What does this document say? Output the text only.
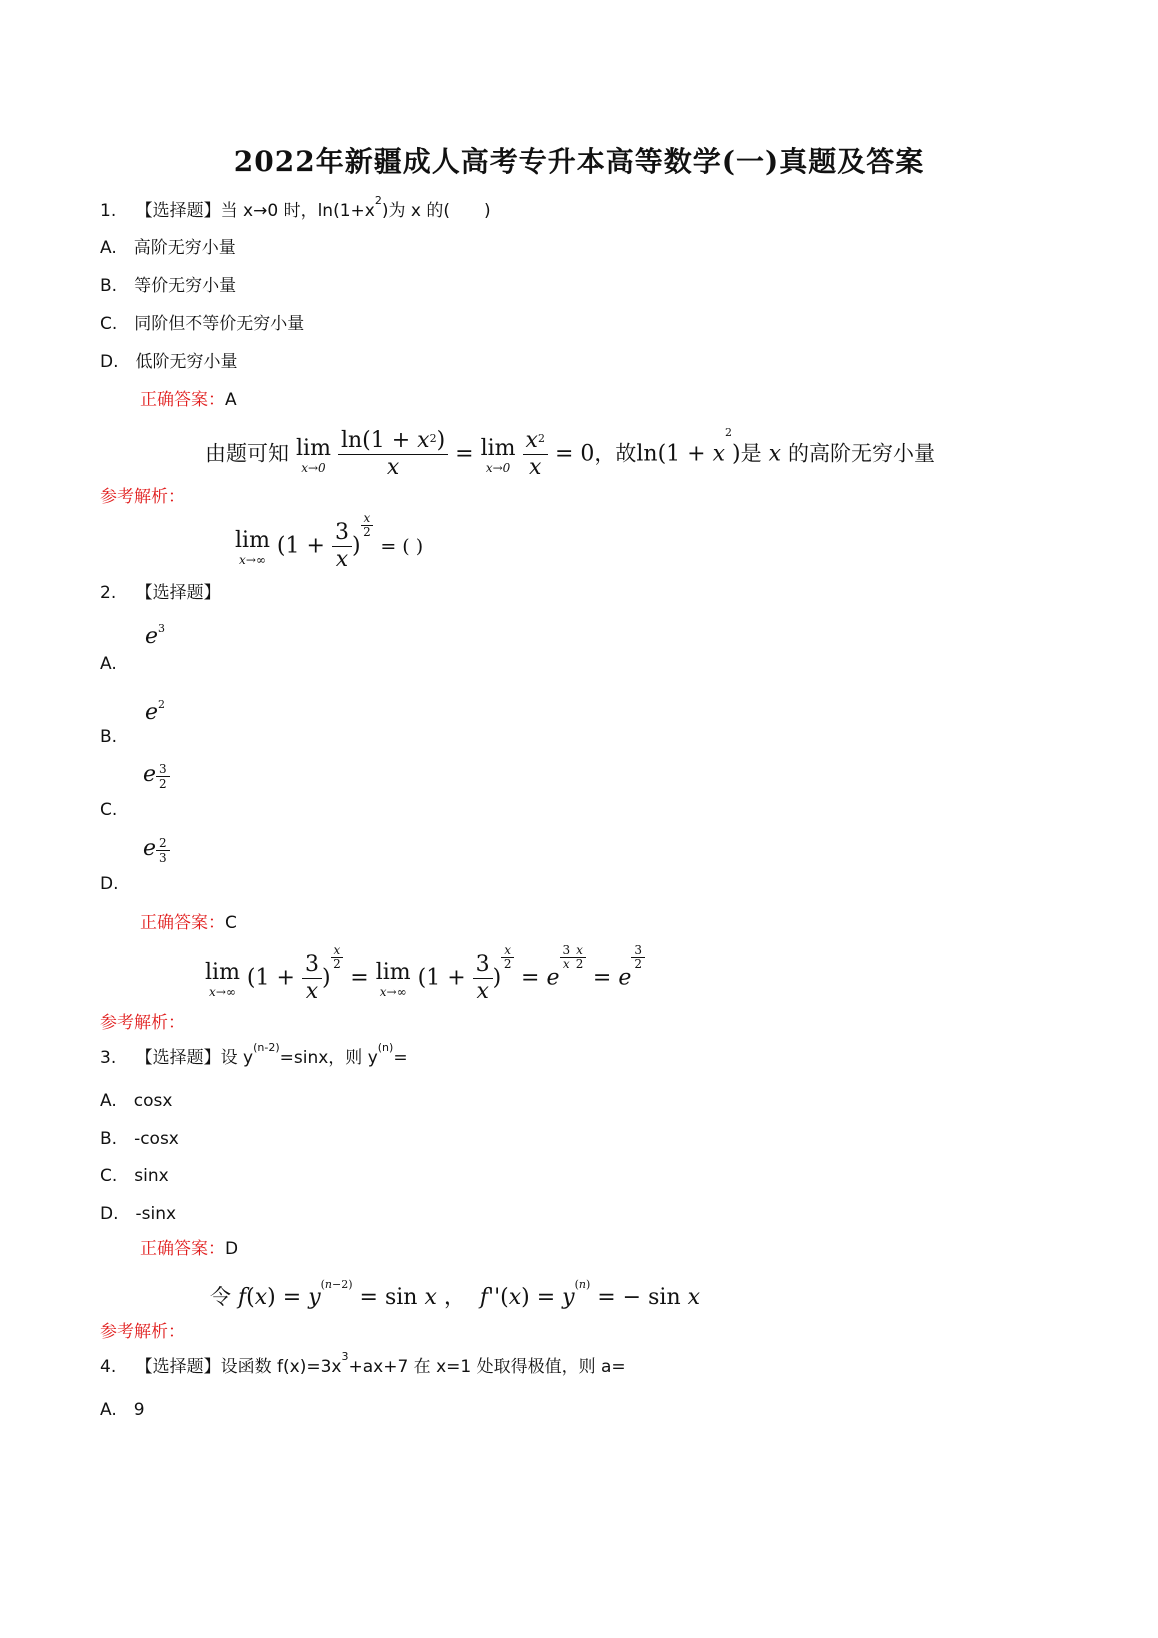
2022年新疆成人高考专升本高等数学(一)真题及答案
1. 【选择题】当 x→0 时，$\ln(1+x^2)$为 x 的(　　)
A.　高阶无穷小量
B.　等价无穷小量
C.　同阶但不等价无穷小量
D.　低阶无穷小量
正确答案：A
由题可知 lim
x→0
$\frac{\ln(1 + x^2)}{x} = \lim$
x→0
$\frac{x^2}{x} = 0$，故$\ln(1 + x^2)$是 x 的高阶无穷小量
参考解析：
lim
x→∞
($1 + \frac{3}{x}$ )
$^{\frac{x}{2}}$
= ( )
2. 【选择题】
$e^3$
A.
$e^2$
B.
e $\frac{3}{2}$
C.
e $\frac{2}{3}$
D.
正确答案：C
lim
x→∞
($1 + \frac{3}{x}$ )
$^{\frac{x}{2}}$
= lim
x→∞
($1 + \frac{3}{x}$ )
$^{\frac{x}{2}}$
= e
$^{\frac{3}{x} \frac{x}{2}}$
= e
$^{\frac{3}{2}}$
参考解析：
3. 【选择题】设 $y^{(n-2)}=\sin x$，则 $y^{(n)}=$
A.　cosx
B.　-cosx
C.　sinx
D.　-sinx
正确答案：D
令 $f(x) = y^{(n-2)} = \sin x$ ，  $f''(x) = y^{(n)}$ = − sin x
参考解析：
4. 【选择题】设函数 $f(x)=3x^3+ax+7$ 在 x=1 处取得极值，则 a=
A.　9
